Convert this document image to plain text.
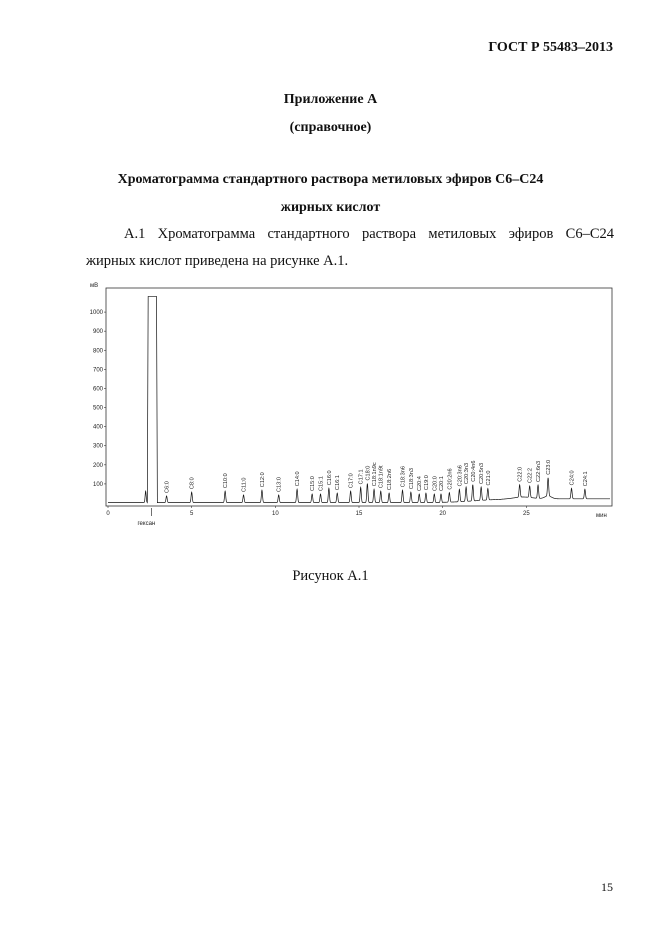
ГОСТ Р 55483–2013
Приложение А
(справочное)
Хроматограмма стандартного раствора метиловых эфиров С6–С24
жирных кислот
А.1 Хроматограмма стандартного раствора метиловых эфиров С6–С24
жирных кислот приведена на рисунке А.1.
мВ
мин
100
200
300
400
500
600
700
800
900
1000
0	5	10	15	20	25
С6:0	С8:0	С10:0 С11:0 С12:0 С13:0 С14:0 С15:0 С15:1 С16:0 С16:1 С17:0 С17:1 С18:0 С18:1n9c С18:1n9t С18:2n6 С18:3n6 С18:3n3 С20:4 С19:0 С20:0 С20:1 С20:2n6 С20:3n6 С20:3n3 С20:4n6 С20:5n3 С21:0	С22:0 С22:2 С22:6n3 С23:0
С24:0 С24:1
гексан
Рисунок А.1
15
